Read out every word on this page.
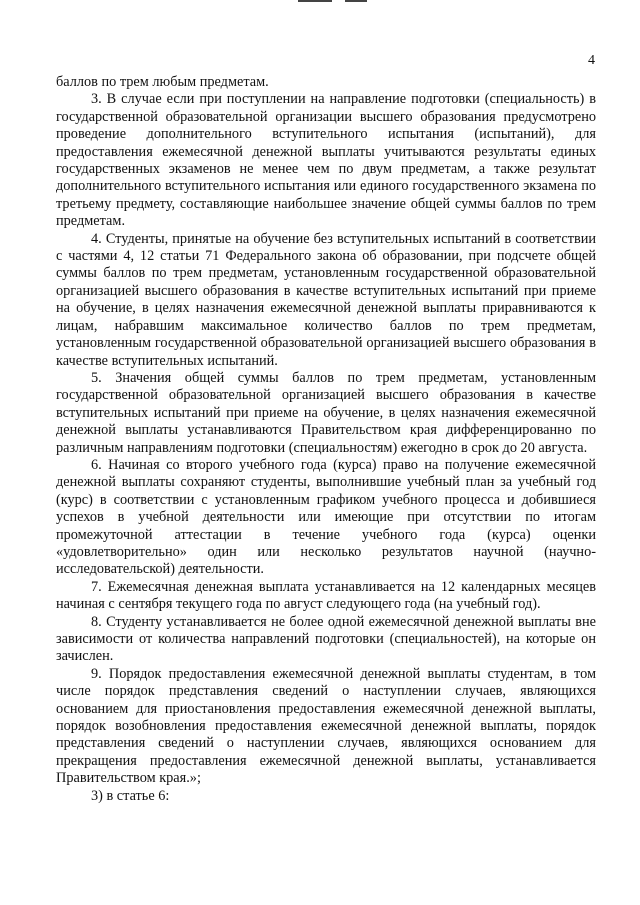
4

баллов по трем любым предметам.

3. В случае если при поступлении на направление подготовки (специальность) в государственной образовательной организации высшего образования предусмотрено проведение дополнительного вступительного испытания (испытаний), для предоставления ежемесячной денежной выплаты учитываются результаты единых государственных экзаменов не менее чем по двум предметам, а также результат дополнительного вступительного испытания или единого государственного экзамена по третьему предмету, составляющие наибольшее значение общей суммы баллов по трем предметам.

4. Студенты, принятые на обучение без вступительных испытаний в соответствии с частями 4, 12 статьи 71 Федерального закона об образовании, при подсчете общей суммы баллов по трем предметам, установленным государственной образовательной организацией высшего образования в качестве вступительных испытаний при приеме на обучение, в целях назначения ежемесячной денежной выплаты приравниваются к лицам, набравшим максимальное количество баллов по трем предметам, установленным государственной образовательной организацией высшего образования в качестве вступительных испытаний.

5. Значения общей суммы баллов по трем предметам, установленным государственной образовательной организацией высшего образования в качестве вступительных испытаний при приеме на обучение, в целях назначения ежемесячной денежной выплаты устанавливаются Правительством края дифференцированно по различным направлениям подготовки (специальностям) ежегодно в срок до 20 августа.

6. Начиная со второго учебного года (курса) право на получение ежемесячной денежной выплаты сохраняют студенты, выполнившие учебный план за учебный год (курс) в соответствии с установленным графиком учебного процесса и добившиеся успехов в учебной деятельности или имеющие при отсутствии по итогам промежуточной аттестации в течение учебного года (курса) оценки «удовлетворительно» один или несколько результатов научной (научно-исследовательской) деятельности.

7. Ежемесячная денежная выплата устанавливается на 12 календарных месяцев начиная с сентября текущего года по август следующего года (на учебный год).

8. Студенту устанавливается не более одной ежемесячной денежной выплаты вне зависимости от количества направлений подготовки (специальностей), на которые он зачислен.

9. Порядок предоставления ежемесячной денежной выплаты студентам, в том числе порядок представления сведений о наступлении случаев, являющихся основанием для приостановления предоставления ежемесячной денежной выплаты, порядок возобновления предоставления ежемесячной денежной выплаты, порядок представления сведений о наступлении случаев, являющихся основанием для прекращения предоставления ежемесячной денежной выплаты, устанавливается Правительством края.»;

3) в статье 6:
